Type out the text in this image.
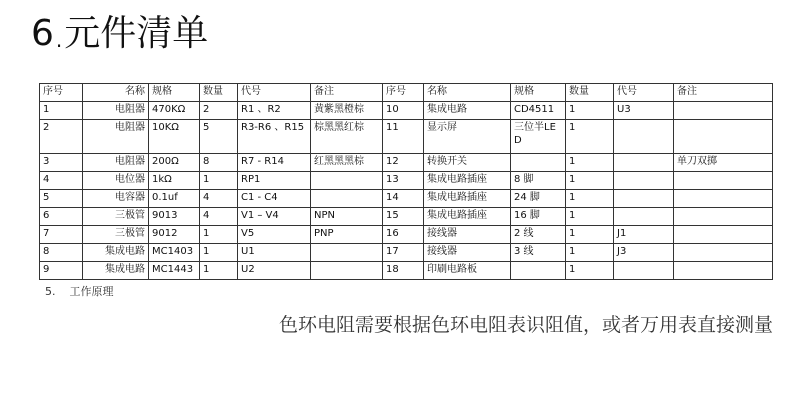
6 .元件清单
序号	名称	规格	数量	代号	备注	序号	名称	规格	数量	代号	备注
1	电阻器	470KΩ	2	R1 、R2	黄紫黑橙棕	10	集成电路	CD4511	1	U3	
2	电阻器	10KΩ	5	R3-R6 、R15	棕黑黑红棕	11	显示屏	三位半LED	1		
3	电阻器	200Ω	8	R7 - R14	红黑黑黑棕	12	转换开关		1		单刀双掷
4	电位器	1kΩ	1	RP1		13	集成电路插座	8 脚	1		
5	电容器	0.1uf	4	C1 - C4		14	集成电路插座	24 脚	1		
6	三极管	9013	4	V1 – V4	NPN	15	集成电路插座	16 脚	1		
7	三极管	9012	1	V5	PNP	16	接线器	2 线	1	J1	
8	集成电路	MC1403	1	U1		17	接线器	3 线	1	J3	
9	集成电路	MC1443	1	U2		18	印刷电路板		1		
5. 工作原理
色环电阻需要根据色环电阻表识阻值，或者万用表直接测量
